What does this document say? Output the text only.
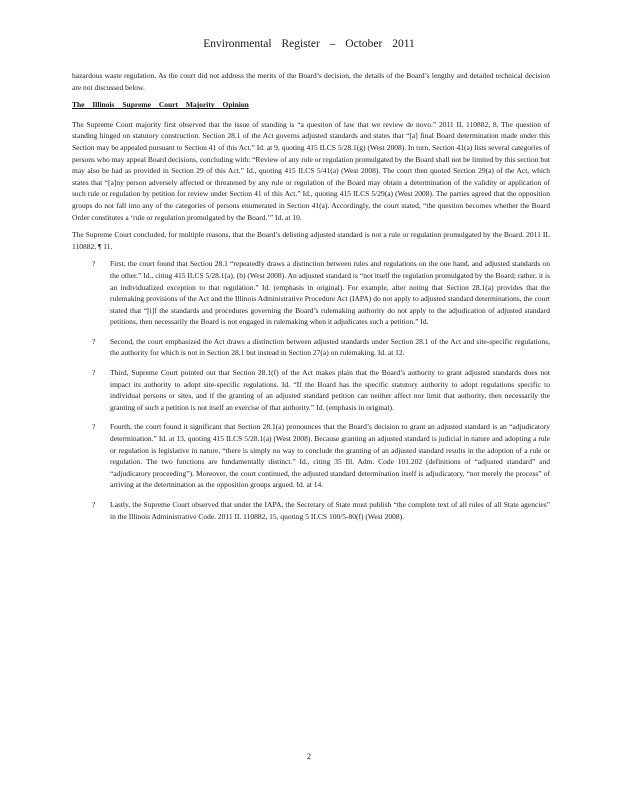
Environmental Register – October 2011

hazardous waste regulation. As the court did not address the merits of the Board’s decision, the details of the Board’s lengthy and detailed technical decision are not discussed below.

The Illinois Supreme Court Majority Opinion

The Supreme Court majority first observed that the issue of standing is “a question of law that we review de novo.” 2011 IL 110882, 8. The question of standing hinged on statutory construction. Section 28.1 of the Act governs adjusted standards and states that “[a] final Board determination made under this Section may be appealed pursuant to Section 41 of this Act.” Id. at 9, quoting 415 ILCS 5/28.1(g) (West 2008). In turn, Section 41(a) lists several categories of persons who may appeal Board decisions, concluding with: “Review of any rule or regulation promulgated by the Board shall not be limited by this section but may also be had as provided in Section 29 of this Act.” Id., quoting 415 ILCS 5/41(a) (West 2008). The court then quoted Section 29(a) of the Act, which states that “[a]ny person adversely affected or threatened by any rule or regulation of the Board may obtain a determination of the validity or application of such rule or regulation by petition for review under Section 41 of this Act.” Id., quoting 415 ILCS 5/29(a) (West 2008). The parties agreed that the opposition groups do not fall into any of the categories of persons enumerated in Section 41(a). Accordingly, the court stated, “the question becomes whether the Board Order constitutes a ‘rule or regulation promulgated by the Board.’” Id. at 10.

The Supreme Court concluded, for multiple reasons, that the Board’s delisting adjusted standard is not a rule or regulation promulgated by the Board. 2011 IL 110882, ¶ 11.

? First, the court found that Section 28.1 “repeatedly draws a distinction between rules and regulations on the one hand, and adjusted standards on the other.” Id., citing 415 ILCS 5/28.1(a), (b) (West 2008). An adjusted standard is “not itself the regulation promulgated by the Board; rather, it is an individualized exception to that regulation.” Id. (emphasis in original). For example, after noting that Section 28.1(a) provides that the rulemaking provisions of the Act and the Illinois Administrative Procedure Act (IAPA) do not apply to adjusted standard determinations, the court stated that “[i]f the standards and procedures governing the Board’s rulemaking authority do not apply to the adjudication of adjusted standard petitions, then necessarily the Board is not engaged in rulemaking when it adjudicates such a petition.” Id.
? Second, the court emphasized the Act draws a distinction between adjusted standards under Section 28.1 of the Act and site-specific regulations, the authority for which is not in Section 28.1 but instead in Section 27(a) on rulemaking. Id. at 12.
? Third, Supreme Court pointed out that Section 28.1(f) of the Act makes plain that the Board’s authority to grant adjusted standards does not impact its authority to adopt site-specific regulations. Id. “If the Board has the specific statutory authority to adopt regulations specific to individual persons or sites, and if the granting of an adjusted standard petition can neither affect nor limit that authority, then necessarily the granting of such a petition is not itself an exercise of that authority.” Id. (emphasis in original).
? Fourth, the court found it significant that Section 28.1(a) pronounces that the Board’s decision to grant an adjusted standard is an “adjudicatory determination.” Id. at 13, quoting 415 ILCS 5/28.1(a) (West 2008). Because granting an adjusted standard is judicial in nature and adopting a rule or regulation is legislative in nature, “there is simply no way to conclude the granting of an adjusted standard results in the adoption of a rule or regulation. The two functions are fundamentally distinct.” Id., citing 35 Ill. Adm. Code 101.202 (definitions of “adjusted standard” and “adjudicatory proceeding”). Moreover, the court continued, the adjusted standard determination itself is adjudicatory, “not merely the process” of arriving at the determination as the opposition groups argued. Id. at 14.
? Lastly, the Supreme Court observed that under the IAPA, the Secretary of State must publish “the complete text of all rules of all State agencies” in the Illinois Administrative Code. 2011 IL 110882, 15, quoting 5 ILCS 100/5-80(f) (West 2008).
2
